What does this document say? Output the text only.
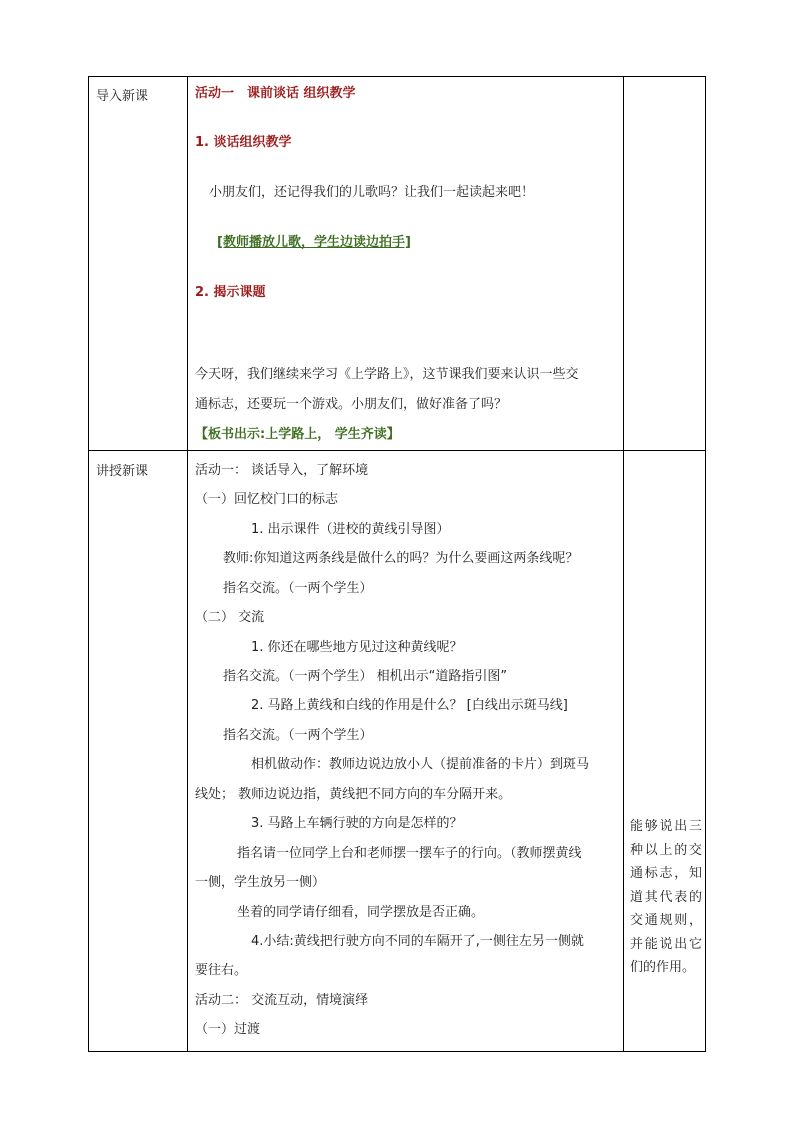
导入新课	活动一　课前谈话 组织教学
1. 谈话组织教学
小朋友们，还记得我们的儿歌吗？让我们一起读起来吧！
[教师播放儿歌，学生边读边拍手]
2. 揭示课题
今天呀，我们继续来学习《上学路上》，这节课我们要来认识一些交
通标志，还要玩一个游戏。小朋友们，做好准备了吗？
【板书出示:上学路上， 学生齐读】
讲授新课	活动一： 谈话导入，了解环境
（一）回忆校门口的标志
1. 出示课件（进校的黄线引导图）
教师:你知道这两条线是做什么的吗？为什么要画这两条线呢？
指名交流。（一两个学生）
（二） 交流
1. 你还在哪些地方见过这种黄线呢？
指名交流。（一两个学生） 相机出示“道路指引图”
2. 马路上黄线和白线的作用是什么？ [白线出示斑马线]
指名交流。（一两个学生）
相机做动作：教师边说边放小人（提前准备的卡片）到斑马
线处； 教师边说边指，黄线把不同方向的车分隔开来。
3. 马路上车辆行驶的方向是怎样的？
指名请一位同学上台和老师摆一摆车子的行向。（教师摆黄线
一侧，学生放另一侧）
坐着的同学请仔细看，同学摆放是否正确。
4.小结:黄线把行驶方向不同的车隔开了,一侧往左另一侧就
要往右。
活动二： 交流互动，情境演绎
（一）过渡
能够说出三种以上的交通标志，知道其代表的交通规则，并能说出它们的作用。
